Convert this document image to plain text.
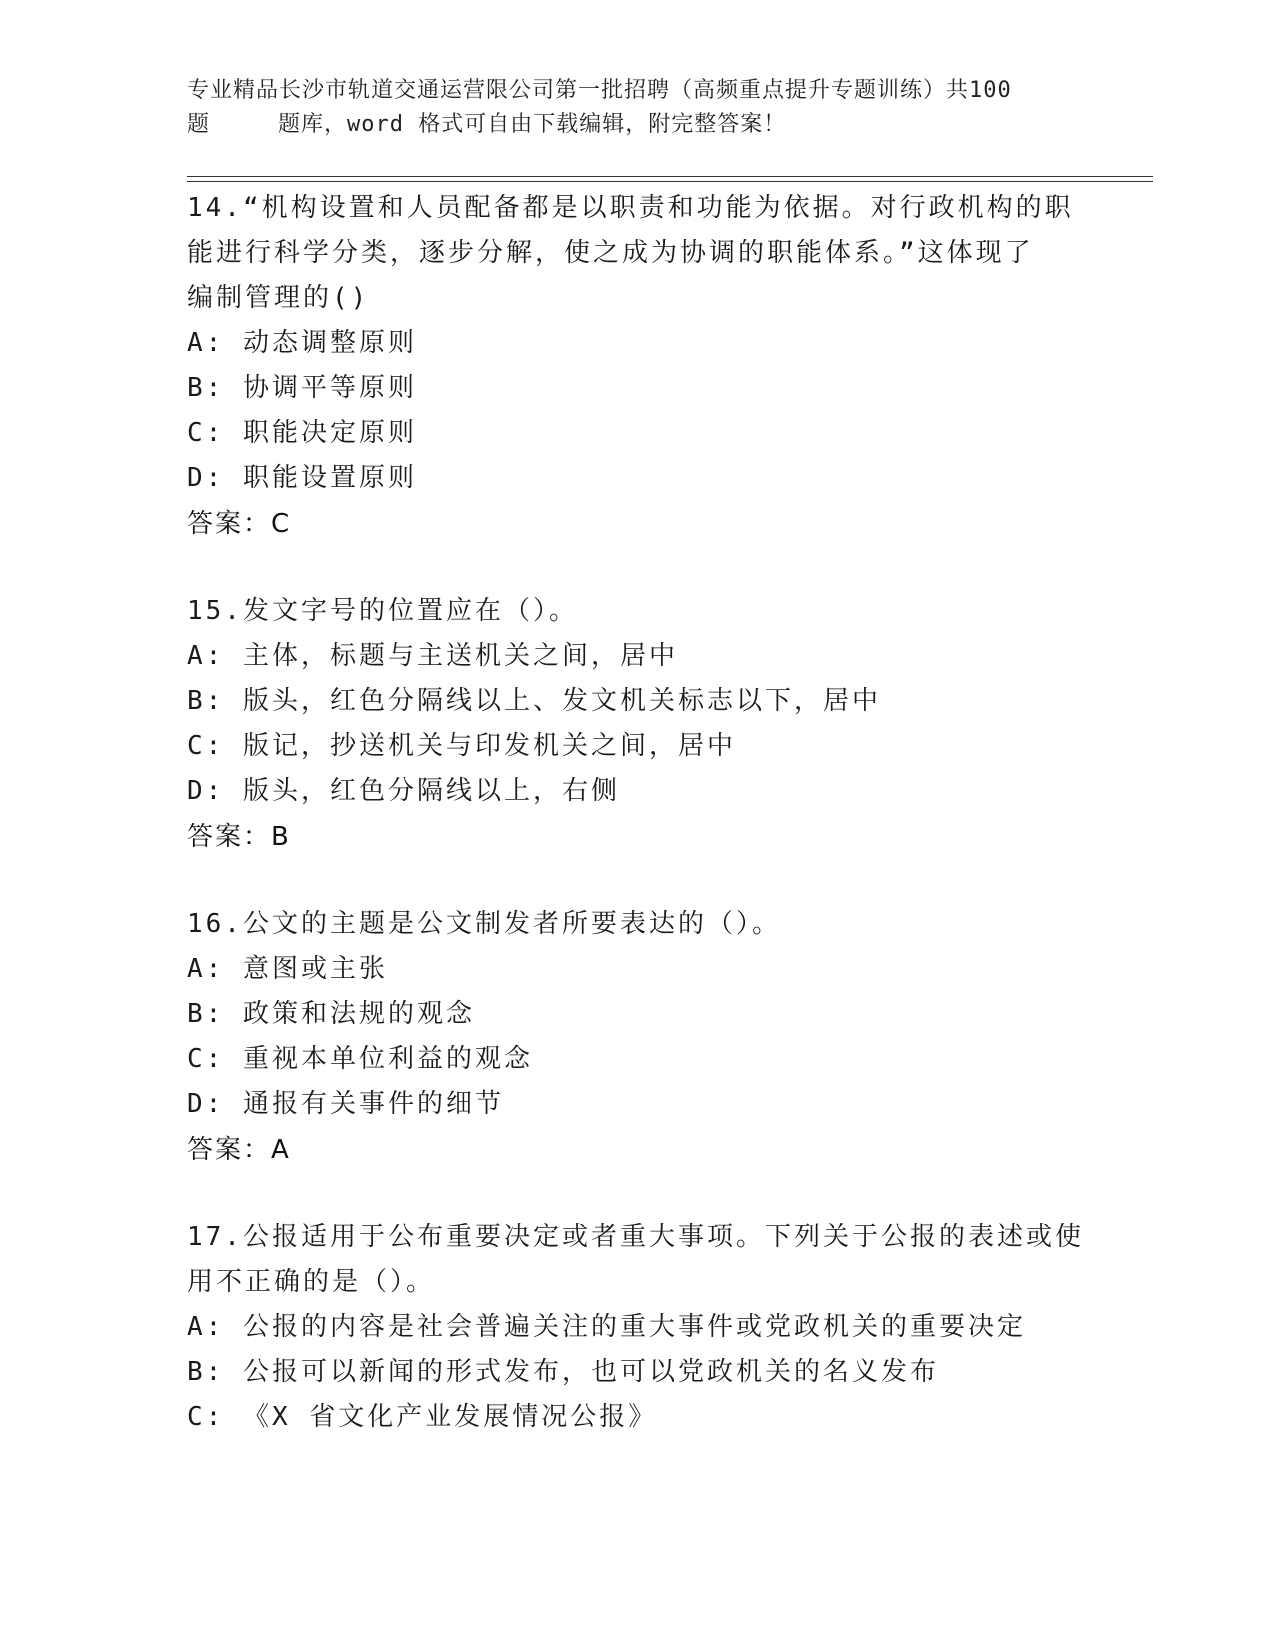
专业精品长沙市轨道交通运营限公司第一批招聘（高频重点提升专题训练）共100

题	题库，word 格式可自由下载编辑，附完整答案！

14.“机构设置和人员配备都是以职责和功能为依据。对行政机构的职

能进行科学分类，逐步分解，使之成为协调的职能体系。”这体现了

编制管理的()

A: 动态调整原则

B: 协调平等原则

C: 职能决定原则

D: 职能设置原则

答案：C

15.发文字号的位置应在（）。

A: 主体，标题与主送机关之间，居中

B: 版头，红色分隔线以上、发文机关标志以下，居中

C: 版记，抄送机关与印发机关之间，居中

D: 版头，红色分隔线以上，右侧

答案：B

16.公文的主题是公文制发者所要表达的（）。

A: 意图或主张

B: 政策和法规的观念

C: 重视本单位利益的观念

D: 通报有关事件的细节

答案：A

17.公报适用于公布重要决定或者重大事项。下列关于公报的表述或使

用不正确的是（）。

A: 公报的内容是社会普遍关注的重大事件或党政机关的重要决定

B: 公报可以新闻的形式发布，也可以党政机关的名义发布

C: 《X 省文化产业发展情况公报》
